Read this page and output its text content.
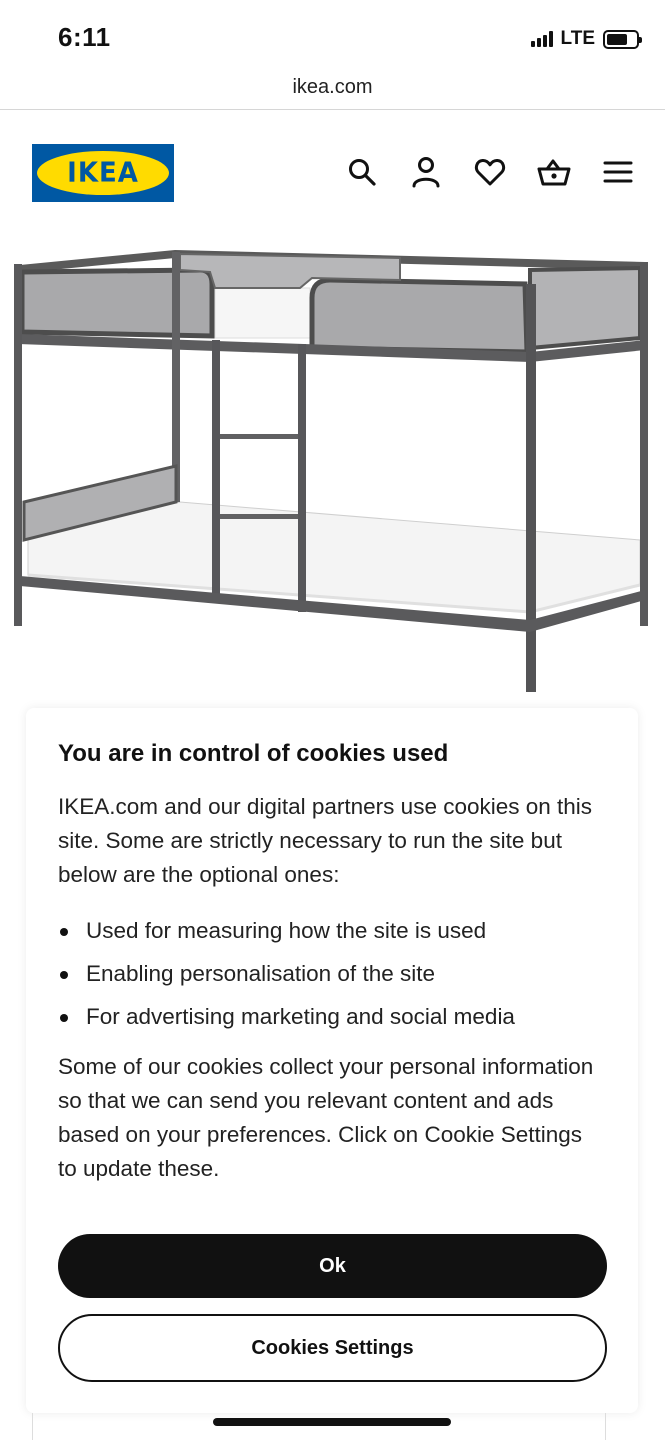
6:11	LTE
ikea.com
IKEA
You are in control of cookies used

IKEA.com and our digital partners use cookies on this site. Some are strictly necessary to run the site but below are the optional ones:

Used for measuring how the site is used
Enabling personalisation of the site
For advertising marketing and social media

Some of our cookies collect your personal information so that we can send you relevant content and ads based on your preferences. Click on Cookie Settings to update these.

Ok
Cookies Settings
